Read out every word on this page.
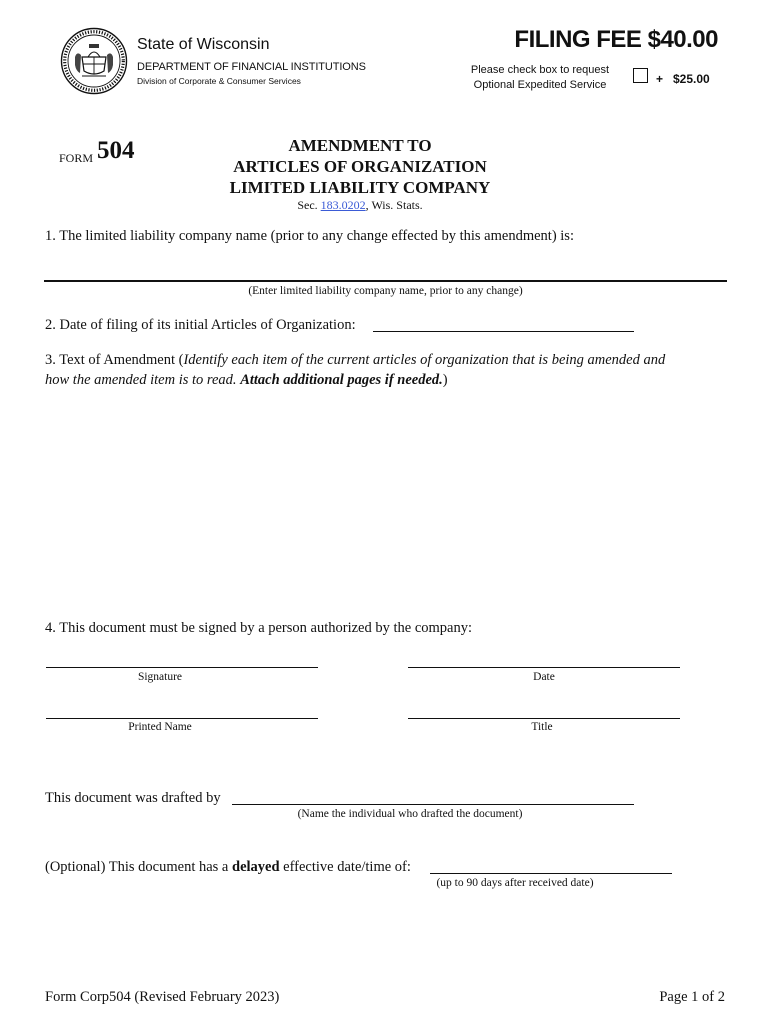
State of Wisconsin
DEPARTMENT OF FINANCIAL INSTITUTIONS
Division of Corporate & Consumer Services
FILING FEE $40.00
Please check box to request
Optional Expedited Service	+ $25.00
FORM 504	AMENDMENT TO
ARTICLES OF ORGANIZATION
LIMITED LIABILITY COMPANY
Sec. 183.0202, Wis. Stats.
1. The limited liability company name (prior to any change effected by this amendment) is:
(Enter limited liability company name, prior to any change)
2. Date of filing of its initial Articles of Organization:
3. Text of Amendment (Identify each item of the current articles of organization that is being amended and
how the amended item is to read. Attach additional pages if needed.)
4. This document must be signed by a person authorized by the company:
Signature	Date
Printed Name	Title
This document was drafted by
(Name the individual who drafted the document)
(Optional) This document has a delayed effective date/time of:
(up to 90 days after received date)
Form Corp504 (Revised February 2023)	Page 1 of 2
